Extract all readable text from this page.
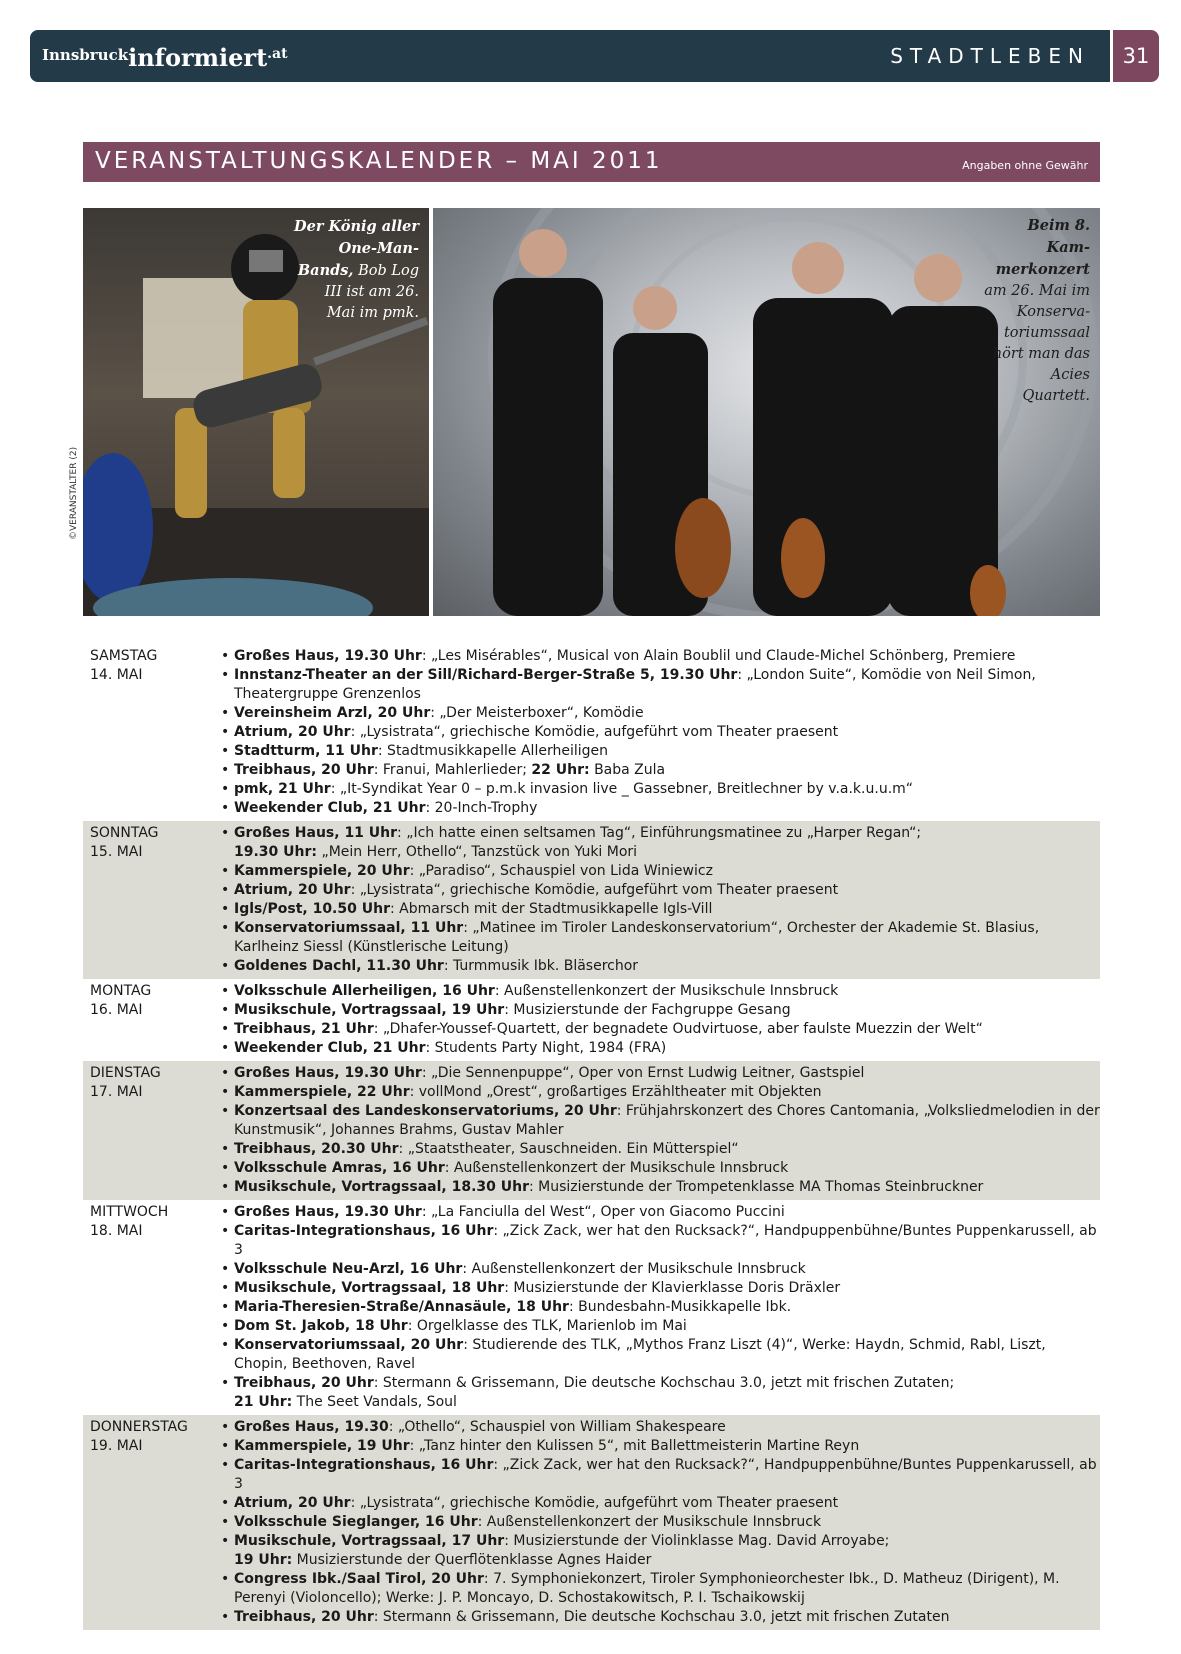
Innsbruckinformiert.at	STADTLEBEN	31
VERANSTALTUNGSKALENDER – MAI 2011	Angaben ohne Gewähr
Der König aller One-Man-Bands, Bob Log III ist am 26. Mai im pmk.
©VERANSTALTER (2)
Beim 8. Kam-merkonzert am 26. Mai im Konserva-toriumssaal hört man das Acies Quartett.
SAMSTAG
14. MAI
• Großes Haus, 19.30 Uhr: „Les Misérables“, Musical von Alain Boublil und Claude-Michel Schönberg, Premiere
• Innstanz-Theater an der Sill/Richard-Berger-Straße 5, 19.30 Uhr: „London Suite“, Komödie von Neil Simon, Theatergruppe Grenzenlos
• Vereinsheim Arzl, 20 Uhr: „Der Meisterboxer“, Komödie
• Atrium, 20 Uhr: „Lysistrata“, griechische Komödie, aufgeführt vom Theater praesent
• Stadtturm, 11 Uhr: Stadtmusikkapelle Allerheiligen
• Treibhaus, 20 Uhr: Franui, Mahlerlieder; 22 Uhr: Baba Zula
• pmk, 21 Uhr: „It-Syndikat Year 0 – p.m.k invasion live _ Gassebner, Breitlechner by v.a.k.u.u.m“
• Weekender Club, 21 Uhr: 20-Inch-Trophy
SONNTAG
15. MAI
• Großes Haus, 11 Uhr: „Ich hatte einen seltsamen Tag“, Einführungsmatinee zu „Harper Regan“;
19.30 Uhr: „Mein Herr, Othello“, Tanzstück von Yuki Mori
• Kammerspiele, 20 Uhr: „Paradiso“, Schauspiel von Lida Winiewicz
• Atrium, 20 Uhr: „Lysistrata“, griechische Komödie, aufgeführt vom Theater praesent
• Igls/Post, 10.50 Uhr: Abmarsch mit der Stadtmusikkapelle Igls-Vill
• Konservatoriumssaal, 11 Uhr: „Matinee im Tiroler Landeskonservatorium“, Orchester der Akademie St. Blasius, Karlheinz Siessl (Künstlerische Leitung)
• Goldenes Dachl, 11.30 Uhr: Turmmusik Ibk. Bläserchor
MONTAG
16. MAI
• Volksschule Allerheiligen, 16 Uhr: Außenstellenkonzert der Musikschule Innsbruck
• Musikschule, Vortragssaal, 19 Uhr: Musizierstunde der Fachgruppe Gesang
• Treibhaus, 21 Uhr: „Dhafer-Youssef-Quartett, der begnadete Oudvirtuose, aber faulste Muezzin der Welt“
• Weekender Club, 21 Uhr: Students Party Night, 1984 (FRA)
DIENSTAG
17. MAI
• Großes Haus, 19.30 Uhr: „Die Sennenpuppe“, Oper von Ernst Ludwig Leitner, Gastspiel
• Kammerspiele, 22 Uhr: vollMond „Orest“, großartiges Erzähltheater mit Objekten
• Konzertsaal des Landeskonservatoriums, 20 Uhr: Frühjahrskonzert des Chores Cantomania, „Volksliedmelodien in der Kunstmusik“, Johannes Brahms, Gustav Mahler
• Treibhaus, 20.30 Uhr: „Staatstheater, Sauschneiden. Ein Mütterspiel“
• Volksschule Amras, 16 Uhr: Außenstellenkonzert der Musikschule Innsbruck
• Musikschule, Vortragssaal, 18.30 Uhr: Musizierstunde der Trompetenklasse MA Thomas Steinbruckner
MITTWOCH
18. MAI
• Großes Haus, 19.30 Uhr: „La Fanciulla del West“, Oper von Giacomo Puccini
• Caritas-Integrationshaus, 16 Uhr: „Zick Zack, wer hat den Rucksack?“, Handpuppenbühne/Buntes Puppenkarussell, ab 3
• Volksschule Neu-Arzl, 16 Uhr: Außenstellenkonzert der Musikschule Innsbruck
• Musikschule, Vortragssaal, 18 Uhr: Musizierstunde der Klavierklasse Doris Dräxler
• Maria-Theresien-Straße/Annasäule, 18 Uhr: Bundesbahn-Musikkapelle Ibk.
• Dom St. Jakob, 18 Uhr: Orgelklasse des TLK, Marienlob im Mai
• Konservatoriumssaal, 20 Uhr: Studierende des TLK, „Mythos Franz Liszt (4)“, Werke: Haydn, Schmid, Rabl, Liszt, Chopin, Beethoven, Ravel
• Treibhaus, 20 Uhr: Stermann & Grissemann, Die deutsche Kochschau 3.0, jetzt mit frischen Zutaten;
21 Uhr: The Seet Vandals, Soul
DONNERSTAG
19. MAI
• Großes Haus, 19.30: „Othello“, Schauspiel von William Shakespeare
• Kammerspiele, 19 Uhr: „Tanz hinter den Kulissen 5“, mit Ballettmeisterin Martine Reyn
• Caritas-Integrationshaus, 16 Uhr: „Zick Zack, wer hat den Rucksack?“, Handpuppenbühne/Buntes Puppenkarussell, ab 3
• Atrium, 20 Uhr: „Lysistrata“, griechische Komödie, aufgeführt vom Theater praesent
• Volksschule Sieglanger, 16 Uhr: Außenstellenkonzert der Musikschule Innsbruck
• Musikschule, Vortragssaal, 17 Uhr: Musizierstunde der Violinklasse Mag. David Arroyabe;
19 Uhr: Musizierstunde der Querflötenklasse Agnes Haider
• Congress Ibk./Saal Tirol, 20 Uhr: 7. Symphoniekonzert, Tiroler Symphonieorchester Ibk., D. Matheuz (Dirigent), M. Perenyi (Violoncello); Werke: J. P. Moncayo, D. Schostakowitsch, P. I. Tschaikowskij
• Treibhaus, 20 Uhr: Stermann & Grissemann, Die deutsche Kochschau 3.0, jetzt mit frischen Zutaten
